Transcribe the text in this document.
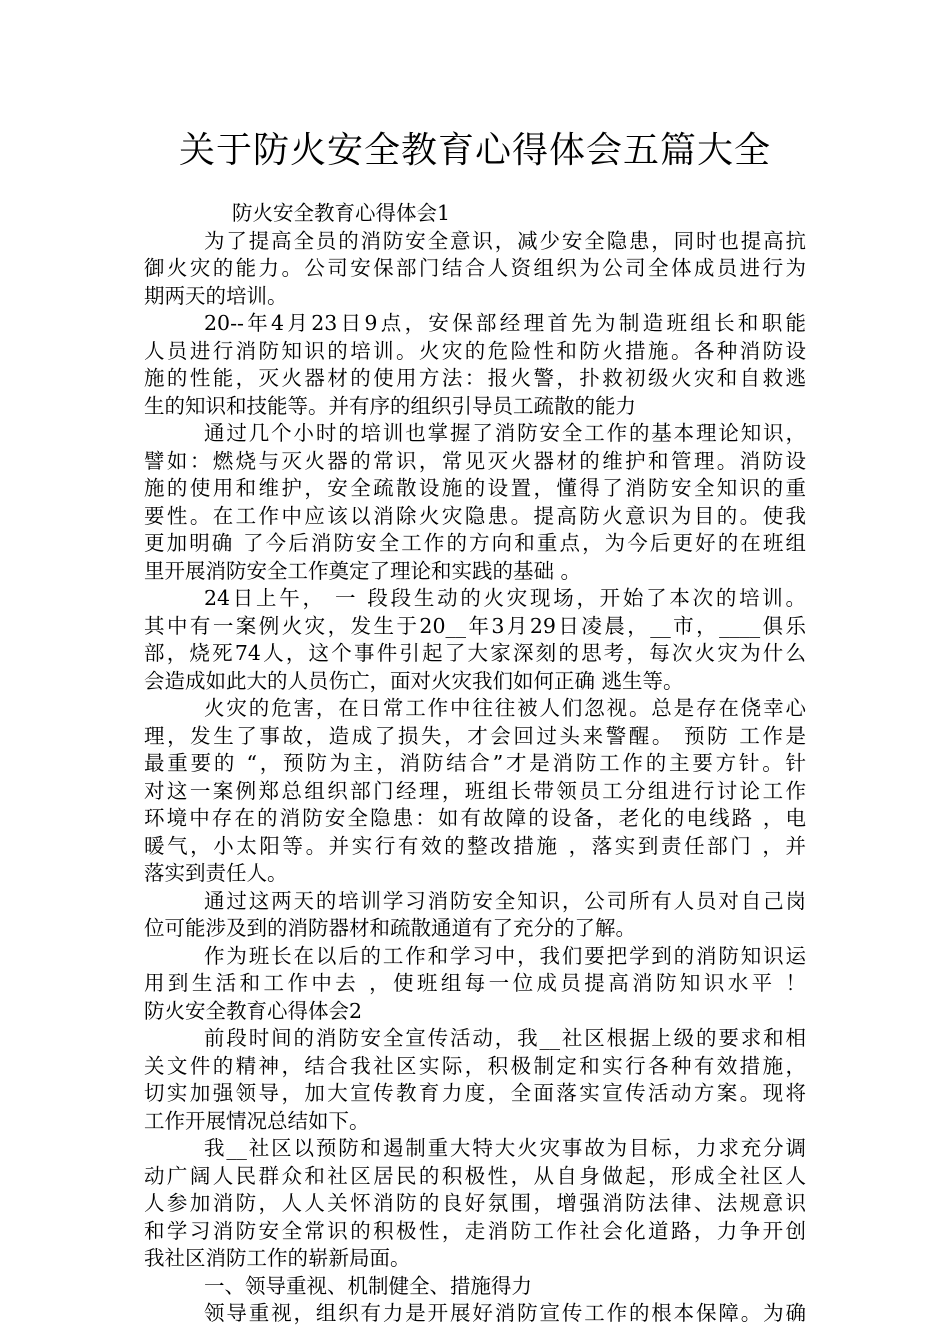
关于防火安全教育心得体会五篇大全
防火安全教育心得体会1
为了提高全员的消防安全意识，减少安全隐患，同时也提高抗
御火灾的能力。公司安保部门结合人资组织为公司全体成员进行为
期两天的培训。
20--年4月23日9点，安保部经理首先为制造班组长和职能
人员进行消防知识的培训。火灾的危险性和防火措施。各种消防设
施的性能，灭火器材的使用方法：报火警，扑救初级火灾和自救逃
生的知识和技能等。并有序的组织引导员工疏散的能力
通过几个小时的培训也掌握了消防安全工作的基本理论知识，
譬如：燃烧与灭火器的常识，常见灭火器材的维护和管理。消防设
施的使用和维护，安全疏散设施的设置，懂得了消防安全知识的重
要性。在工作中应该以消除火灾隐患。提高防火意识为目的。使我
更加明确 了今后消防安全工作的方向和重点，为今后更好的在班组
里开展消防安全工作奠定了理论和实践的基础 。
24日上午， 一 段段生动的火灾现场，开始了本次的培训。
其中有一案例火灾，发生于20__年3月29日凌晨，__市，____俱乐
部，烧死74人，这个事件引起了大家深刻的思考，每次火灾为什么
会造成如此大的人员伤亡，面对火灾我们如何正确 逃生等。
火灾的危害，在日常工作中往往被人们忽视。总是存在侥幸心
理，发生了事故，造成了损失，才会回过头来警醒。 预防 工作是
最重要的 “，预防为主，消防结合”才是消防工作的主要方针。针
对这一案例郑总组织部门经理，班组长带领员工分组进行讨论工作
环境中存在的消防安全隐患：如有故障的设备，老化的电线路 ，电
暖气，小太阳等。并实行有效的整改措施 ，落实到责任部门 ，并
落实到责任人。
通过这两天的培训学习消防安全知识，公司所有人员对自己岗
位可能涉及到的消防器材和疏散通道有了充分的了解。
作为班长在以后的工作和学习中，我们要把学到的消防知识运
用到生活和工作中去 ，使班组每一位成员提高消防知识水平 ！
防火安全教育心得体会2
前段时间的消防安全宣传活动，我__社区根据上级的要求和相
关文件的精神，结合我社区实际，积极制定和实行各种有效措施，
切实加强领导，加大宣传教育力度，全面落实宣传活动方案。现将
工作开展情况总结如下。
我__社区以预防和遏制重大特大火灾事故为目标，力求充分调
动广阔人民群众和社区居民的积极性，从自身做起，形成全社区人
人参加消防，人人关怀消防的良好氛围，增强消防法律、法规意识
和学习消防安全常识的积极性，走消防工作社会化道路，力争开创
我社区消防工作的崭新局面。
一、领导重视、机制健全、措施得力
领导重视，组织有力是开展好消防宣传工作的根本保障。为确
